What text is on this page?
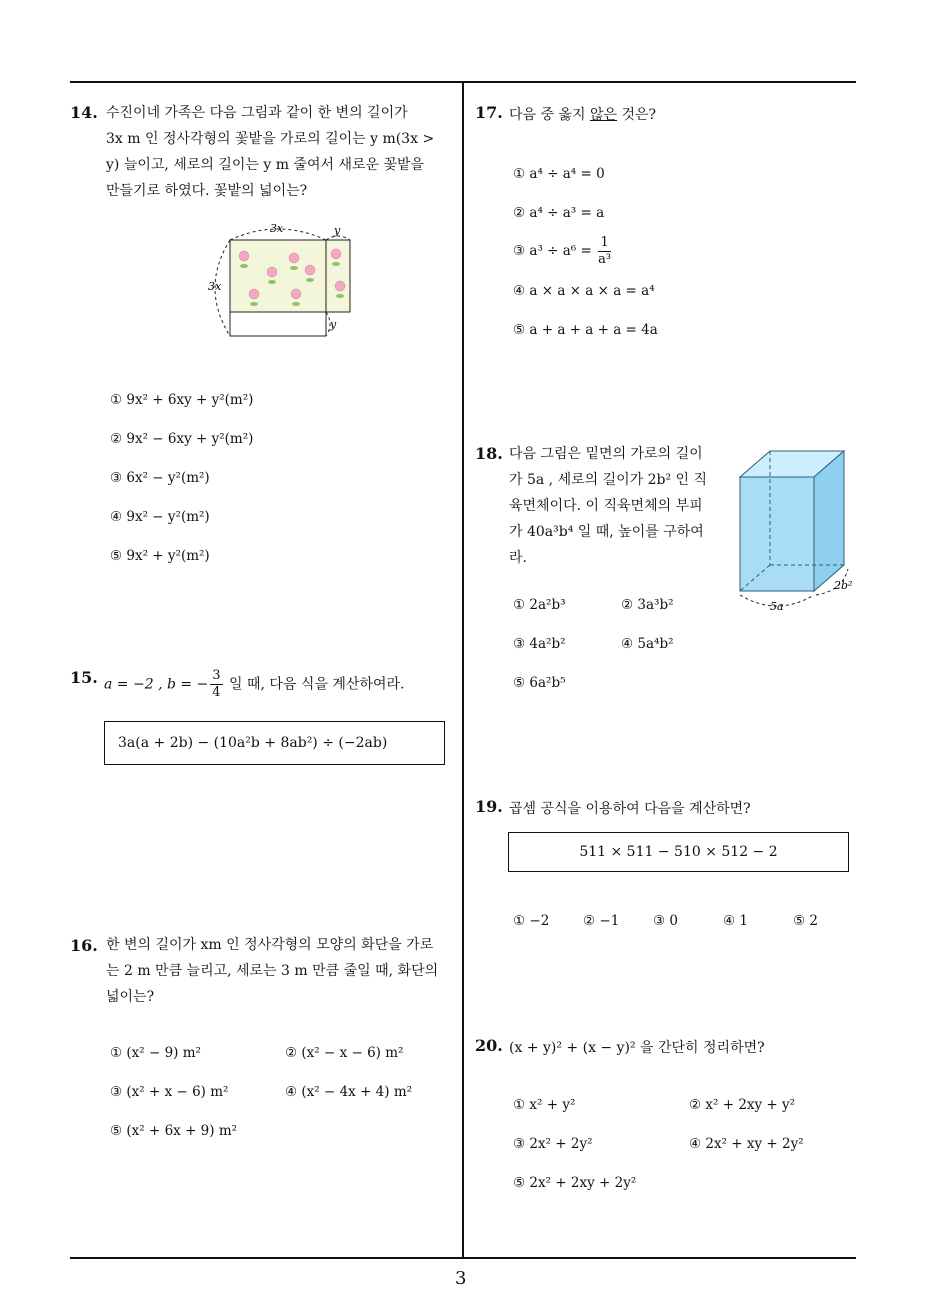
3
14. 수진이네 가족은 다음 그림과 같이 한 변의 길이가
3x m 인 정사각형의 꽃밭을 가로의 길이는 y m(3x >
y) 늘이고, 세로의 길이는 y m 줄여서 새로운 꽃밭을
만들기로 하였다. 꽃밭의 넓이는?
3x
3x
y
y
① 9x² + 6xy + y²(m²)
② 9x² − 6xy + y²(m²)
③ 6x² − y²(m²)
④ 9x² − y²(m²)
⑤ 9x² + y²(m²)
15. a = −2 , b = − $\frac{3}{4}$ 일 때, 다음 식을 계산하여라.
3a(a + 2b) − (10a²b + 8ab²) ÷ (−2ab)
16. 한 변의 길이가 xm 인 정사각형의 모양의 화단을 가로
는 2 m 만큼 늘리고, 세로는 3 m 만큼 줄일 때, 화단의
넓이는?
① (x² − 9) m²	② (x² − x − 6) m²
③ (x² + x − 6) m²	④ (x² − 4x + 4) m²
⑤ (x² + 6x + 9) m²
17. 다음 중 옳지 않은 것은?
① a⁴ ÷ a⁴ = 0
② a⁴ ÷ a³ = a
③ $a^3 \div a^6 = \frac{1}{\text{a³}}$
④ a × a × a × a = a⁴
⑤ a + a + a + a = 4a
18. 다음 그림은 밑면의 가로의 길이
가 5a , 세로의 길이가 2b² 인 직
육면체이다. 이 직육면체의 부피
가 40a³b⁴ 일 때, 높이를 구하여
라.
5a
2b²
① 2a²b³	② 3a³b²
③ 4a²b²	④ 5a⁴b²
⑤ 6a²b⁵
19. 곱셈 공식을 이용하여 다음을 계산하면?
511 × 511 − 510 × 512 − 2
① −2 ② −1 ③ 0	④ 1	⑤ 2
20. (x + y)² + (x − y)² 을 간단히 정리하면?
① x² + y²	② x² + 2xy + y²
③ 2x² + 2y²	④ 2x² + xy + 2y²
⑤ 2x² + 2xy + 2y²
